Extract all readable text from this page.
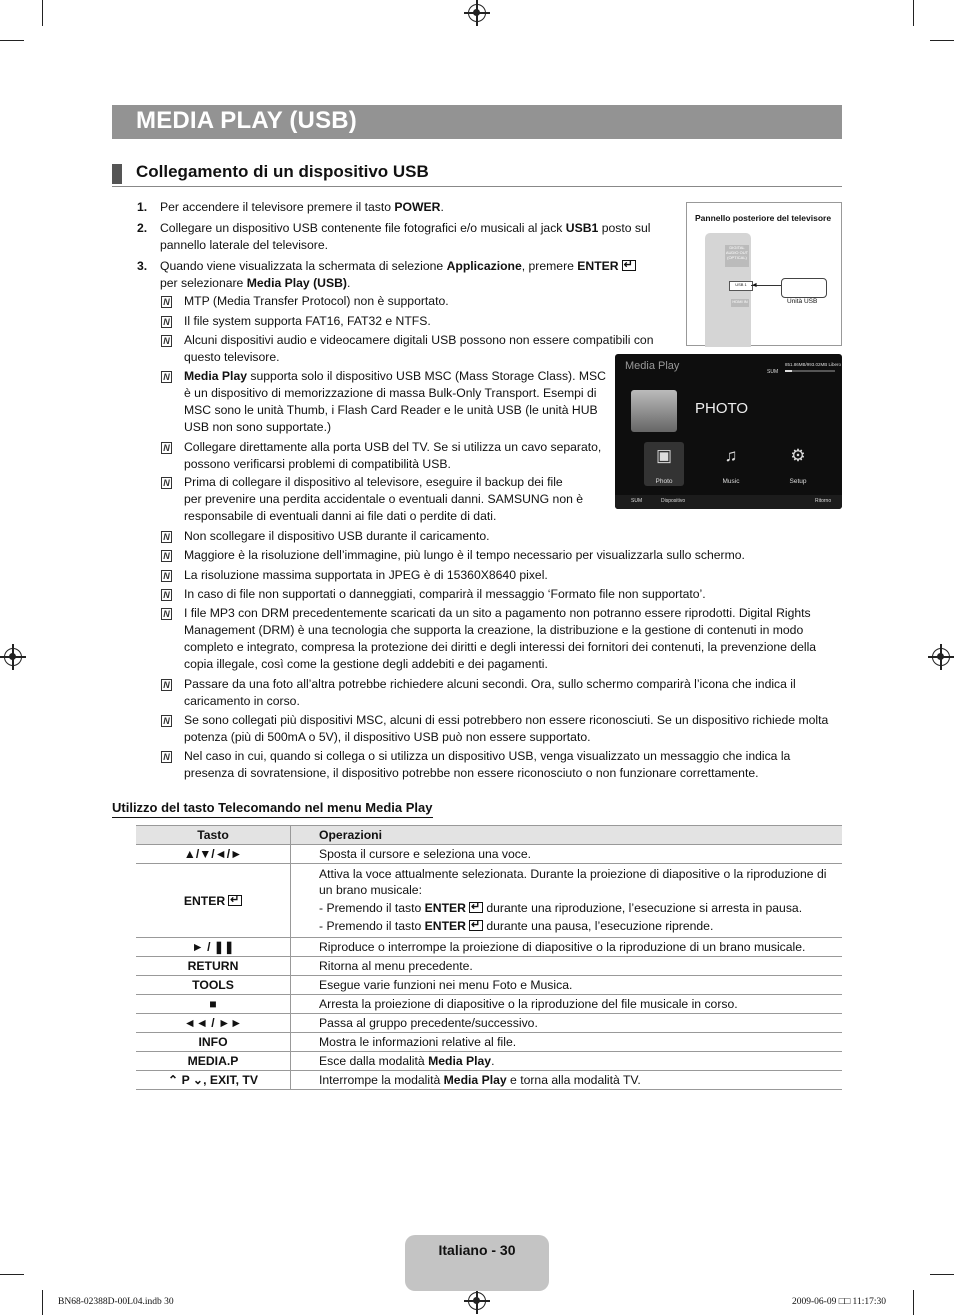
MEDIA PLAY (USB)
Collegamento di un dispositivo USB
1. Per accendere il televisore premere il tasto POWER.
2. Collegare un dispositivo USB contenente file fotografici e/o musicali al jack USB1 posto sul
pannello laterale del televisore.
3. Quando viene visualizzata la schermata di selezione Applicazione, premere ENTER↵
per selezionare Media Play (USB).
N MTP (Media Transfer Protocol) non è supportato.
N Il file system supporta FAT16, FAT32 e NTFS.
N Alcuni dispositivi audio e videocamere digitali USB possono non essere compatibili con
questo televisore.
N Media Play supporta solo il dispositivo USB MSC (Mass Storage Class). MSC
è un dispositivo di memorizzazione di massa Bulk-Only Transport. Esempi di
MSC sono le unità Thumb, i Flash Card Reader e le unità USB (le unità HUB
USB non sono supportate.)
N Collegare direttamente alla porta USB del TV. Se si utilizza un cavo separato,
possono verificarsi problemi di compatibilità USB.
N Prima di collegare il dispositivo al televisore, eseguire il backup dei file
per prevenire una perdita accidentale o eventuali danni. SAMSUNG non è
responsabile di eventuali danni ai file dati o perdite di dati.
N Non scollegare il dispositivo USB durante il caricamento.
N Maggiore è la risoluzione dell’immagine, più lungo è il tempo necessario per visualizzarla sullo schermo.
N La risoluzione massima supportata in JPEG è di 15360X8640 pixel.
N In caso di file non supportati o danneggiati, comparirà il messaggio ‘Formato file non supportato’.
N I file MP3 con DRM precedentemente scaricati da un sito a pagamento non potranno essere riprodotti. Digital Rights
Management (DRM) è una tecnologia che supporta la creazione, la distribuzione e la gestione di contenuti in modo
completo e integrato, compresa la protezione dei diritti e degli interessi dei fornitori dei contenuti, la prevenzione della
copia illegale, così come la gestione degli addebiti e dei pagamenti.
N Passare da una foto all’altra potrebbe richiedere alcuni secondi. Ora, sullo schermo comparirà l’icona che indica il
caricamento in corso.
N Se sono collegati più dispositivi MSC, alcuni di essi potrebbero non essere riconosciuti. Se un dispositivo richiede molta
potenza (più di 500mA o 5V), il dispositivo USB può non essere supportato.
N Nel caso in cui, quando si collega o si utilizza un dispositivo USB, venga visualizzato un messaggio che indica la
presenza di sovratensione, il dispositivo potrebbe non essere riconosciuto o non funzionare correttamente.
Pannello posteriore del televisore
DIGITAL AUDIO OUT (OPTICAL)
USB 1
HDMI IN
◄
Unità USB
Media Play	SUM
851.86MB/993.02MB Libero
PHOTO
▣	♫	⚙
Photo	Music	Setup
SUM	Dispositivo	Ritorno
Utilizzo del tasto Telecomando nel menu Media Play
Tasto	Operazioni
▲/▼/◄/►	Sposta il cursore e seleziona una voce.
ENTER↵	Attiva la voce attualmente selezionata. Durante la proiezione di diapositive o la riproduzione di
un brano musicale:

- Premendo il tasto ENTER↵ durante una riproduzione, l’esecuzione si arresta in pausa.
- Premendo il tasto ENTER↵ durante una pausa, l’esecuzione riprende.

► / ❚❚	Riproduce o interrompe la proiezione di diapositive o la riproduzione di un brano musicale.
RETURN	Ritorna al menu precedente.
TOOLS	Esegue varie funzioni nei menu Foto e Musica.
■	Arresta la proiezione di diapositive o la riproduzione del file musicale in corso.
◄◄ / ►►	Passa al gruppo precedente/successivo.
INFO	Mostra le informazioni relative al file.
MEDIA.P	Esce dalla modalità Media Play.
⌃ P ⌄, EXIT, TV	Interrompe la modalità Media Play e torna alla modalità TV.
Italiano - 30
BN68-02388D-00L04.indb 30	2009-06-09 □□ 11:17:30
